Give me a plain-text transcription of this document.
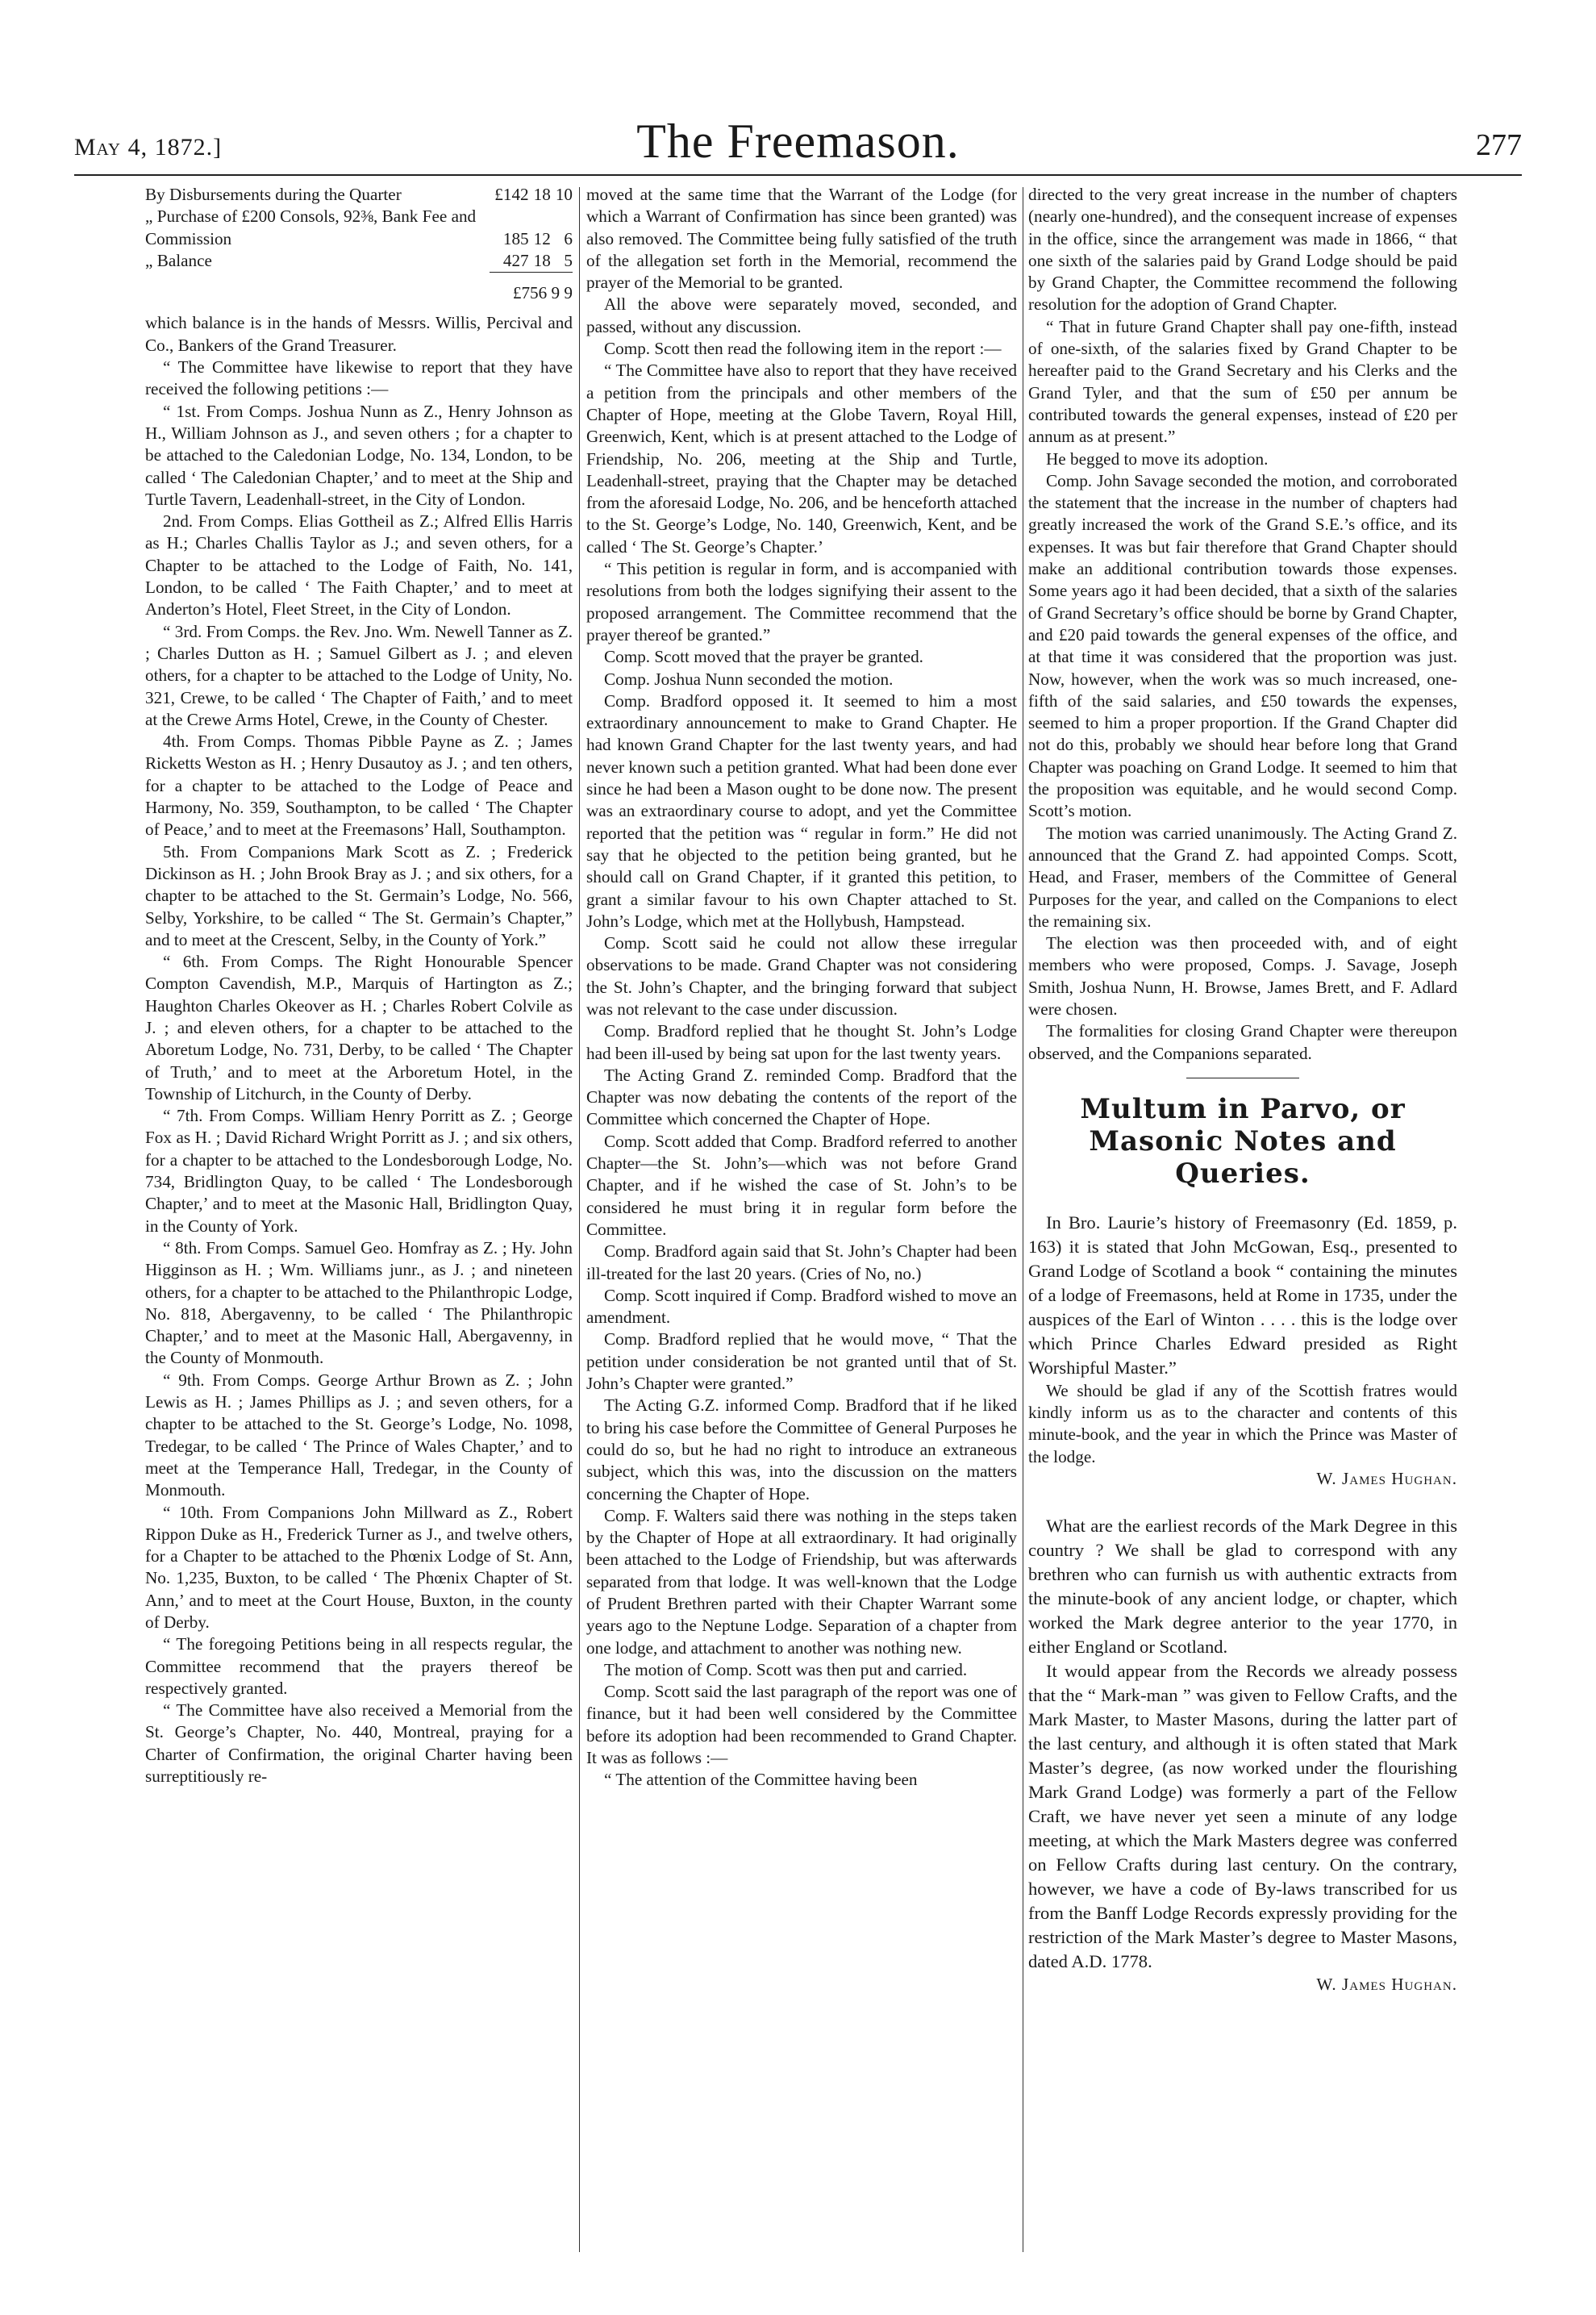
May 4, 1872.]	The Freemason.	277
By Disbursements during the Quarter	£142	18	10
„ Purchase of £200 Consols, 92⅜, Bank Fee and Commission	185	12	6
„ Balance	427	18	5
	£756 9 9		

which balance is in the hands of Messrs. Willis, Percival and Co., Bankers of the Grand Treasurer.

“ The Committee have likewise to report that they have received the following petitions :—

“ 1st. From Comps. Joshua Nunn as Z., Henry Johnson as H., William Johnson as J., and seven others ; for a chapter to be attached to the Caledonian Lodge, No. 134, London, to be called ‘ The Caledonian Chapter,’ and to meet at the Ship and Turtle Tavern, Leadenhall-street, in the City of London.

2nd. From Comps. Elias Gottheil as Z.; Alfred Ellis Harris as H.; Charles Challis Taylor as J.; and seven others, for a Chapter to be attached to the Lodge of Faith, No. 141, London, to be called ‘ The Faith Chapter,’ and to meet at Anderton’s Hotel, Fleet Street, in the City of London.

“ 3rd. From Comps. the Rev. Jno. Wm. Newell Tanner as Z. ; Charles Dutton as H. ; Samuel Gilbert as J. ; and eleven others, for a chapter to be attached to the Lodge of Unity, No. 321, Crewe, to be called ‘ The Chapter of Faith,’ and to meet at the Crewe Arms Hotel, Crewe, in the County of Chester.

4th. From Comps. Thomas Pibble Payne as Z. ; James Ricketts Weston as H. ; Henry Dusautoy as J. ; and ten others, for a chapter to be attached to the Lodge of Peace and Harmony, No. 359, Southampton, to be called ‘ The Chapter of Peace,’ and to meet at the Freemasons’ Hall, Southampton.

5th. From Companions Mark Scott as Z. ; Frederick Dickinson as H. ; John Brook Bray as J. ; and six others, for a chapter to be attached to the St. Germain’s Lodge, No. 566, Selby, Yorkshire, to be called “ The St. Germain’s Chapter,” and to meet at the Crescent, Selby, in the County of York.”

“ 6th. From Comps. The Right Honourable Spencer Compton Cavendish, M.P., Marquis of Hartington as Z.; Haughton Charles Okeover as H. ; Charles Robert Colvile as J. ; and eleven others, for a chapter to be attached to the Aboretum Lodge, No. 731, Derby, to be called ‘ The Chapter of Truth,’ and to meet at the Arboretum Hotel, in the Township of Litchurch, in the County of Derby.

“ 7th. From Comps. William Henry Porritt as Z. ; George Fox as H. ; David Richard Wright Porritt as J. ; and six others, for a chapter to be attached to the Londesborough Lodge, No. 734, Bridlington Quay, to be called ‘ The Londesborough Chapter,’ and to meet at the Masonic Hall, Bridlington Quay, in the County of York.

“ 8th. From Comps. Samuel Geo. Homfray as Z. ; Hy. John Higginson as H. ; Wm. Williams junr., as J. ; and nineteen others, for a chapter to be attached to the Philanthropic Lodge, No. 818, Abergavenny, to be called ‘ The Philanthropic Chapter,’ and to meet at the Masonic Hall, Abergavenny, in the County of Monmouth.

“ 9th. From Comps. George Arthur Brown as Z. ; John Lewis as H. ; James Phillips as J. ; and seven others, for a chapter to be attached to the St. George’s Lodge, No. 1098, Tredegar, to be called ‘ The Prince of Wales Chapter,’ and to meet at the Temperance Hall, Tredegar, in the County of Monmouth.

“ 10th. From Companions John Millward as Z., Robert Rippon Duke as H., Frederick Turner as J., and twelve others, for a Chapter to be attached to the Phœnix Lodge of St. Ann, No. 1,235, Buxton, to be called ‘ The Phœnix Chapter of St. Ann,’ and to meet at the Court House, Buxton, in the county of Derby.

“ The foregoing Petitions being in all respects regular, the Committee recommend that the prayers thereof be respectively granted.

“ The Committee have also received a Memorial from the St. George’s Chapter, No. 440, Montreal, praying for a Charter of Confirmation, the original Charter having been surreptitiously re-

moved at the same time that the Warrant of the Lodge (for which a Warrant of Confirmation has since been granted) was also removed. The Committee being fully satisfied of the truth of the allegation set forth in the Memorial, recommend the prayer of the Memorial to be granted.

All the above were separately moved, seconded, and passed, without any discussion.

Comp. Scott then read the following item in the report :—

“ The Committee have also to report that they have received a petition from the principals and other members of the Chapter of Hope, meeting at the Globe Tavern, Royal Hill, Greenwich, Kent, which is at present attached to the Lodge of Friendship, No. 206, meeting at the Ship and Turtle, Leadenhall-street, praying that the Chapter may be detached from the aforesaid Lodge, No. 206, and be henceforth attached to the St. George’s Lodge, No. 140, Greenwich, Kent, and be called ‘ The St. George’s Chapter.’

“ This petition is regular in form, and is accompanied with resolutions from both the lodges signifying their assent to the proposed arrangement. The Committee recommend that the prayer thereof be granted.”

Comp. Scott moved that the prayer be granted.

Comp. Joshua Nunn seconded the motion.

Comp. Bradford opposed it. It seemed to him a most extraordinary announcement to make to Grand Chapter. He had known Grand Chapter for the last twenty years, and had never known such a petition granted. What had been done ever since he had been a Mason ought to be done now. The present was an extraordinary course to adopt, and yet the Committee reported that the petition was “ regular in form.” He did not say that he objected to the petition being granted, but he should call on Grand Chapter, if it granted this petition, to grant a similar favour to his own Chapter attached to St. John’s Lodge, which met at the Hollybush, Hampstead.

Comp. Scott said he could not allow these irregular observations to be made. Grand Chapter was not considering the St. John’s Chapter, and the bringing forward that subject was not relevant to the case under discussion.

Comp. Bradford replied that he thought St. John’s Lodge had been ill-used by being sat upon for the last twenty years.

The Acting Grand Z. reminded Comp. Bradford that the Chapter was now debating the contents of the report of the Committee which concerned the Chapter of Hope.

Comp. Scott added that Comp. Bradford referred to another Chapter—the St. John’s—which was not before Grand Chapter, and if he wished the case of St. John’s to be considered he must bring it in regular form before the Committee.

Comp. Bradford again said that St. John’s Chapter had been ill-treated for the last 20 years. (Cries of No, no.)

Comp. Scott inquired if Comp. Bradford wished to move an amendment.

Comp. Bradford replied that he would move, “ That the petition under consideration be not granted until that of St. John’s Chapter were granted.”

The Acting G.Z. informed Comp. Bradford that if he liked to bring his case before the Committee of General Purposes he could do so, but he had no right to introduce an extraneous subject, which this was, into the discussion on the matters concerning the Chapter of Hope.

Comp. F. Walters said there was nothing in the steps taken by the Chapter of Hope at all extraordinary. It had originally been attached to the Lodge of Friendship, but was afterwards separated from that lodge. It was well-known that the Lodge of Prudent Brethren parted with their Chapter Warrant some years ago to the Neptune Lodge. Separation of a chapter from one lodge, and attachment to another was nothing new.

The motion of Comp. Scott was then put and carried.

Comp. Scott said the last paragraph of the report was one of finance, but it had been well considered by the Committee before its adoption had been recommended to Grand Chapter. It was as follows :—

“ The attention of the Committee having been

directed to the very great increase in the number of chapters (nearly one-hundred), and the consequent increase of expenses in the office, since the arrangement was made in 1866, “ that one sixth of the salaries paid by Grand Lodge should be paid by Grand Chapter, the Committee recommend the following resolution for the adoption of Grand Chapter.

“ That in future Grand Chapter shall pay one-fifth, instead of one-sixth, of the salaries fixed by Grand Chapter to be hereafter paid to the Grand Secretary and his Clerks and the Grand Tyler, and that the sum of £50 per annum be contributed towards the general expenses, instead of £20 per annum as at present.”

He begged to move its adoption.

Comp. John Savage seconded the motion, and corroborated the statement that the increase in the number of chapters had greatly increased the work of the Grand S.E.’s office, and its expenses. It was but fair therefore that Grand Chapter should make an additional contribution towards those expenses. Some years ago it had been decided, that a sixth of the salaries of Grand Secretary’s office should be borne by Grand Chapter, and £20 paid towards the general expenses of the office, and at that time it was considered that the proportion was just. Now, however, when the work was so much increased, one-fifth of the said salaries, and £50 towards the expenses, seemed to him a proper proportion. If the Grand Chapter did not do this, probably we should hear before long that Grand Chapter was poaching on Grand Lodge. It seemed to him that the proposition was equitable, and he would second Comp. Scott’s motion.

The motion was carried unanimously. The Acting Grand Z. announced that the Grand Z. had appointed Comps. Scott, Head, and Fraser, members of the Committee of General Purposes for the year, and called on the Companions to elect the remaining six.

The election was then proceeded with, and of eight members who were proposed, Comps. J. Savage, Joseph Smith, Joshua Nunn, H. Browse, James Brett, and F. Adlard were chosen.

The formalities for closing Grand Chapter were thereupon observed, and the Companions separated.

Multum in Parvo, or Masonic Notes and Queries.

In Bro. Laurie’s history of Freemasonry (Ed. 1859, p. 163) it is stated that John McGowan, Esq., presented to Grand Lodge of Scotland a book “ containing the minutes of a lodge of Freemasons, held at Rome in 1735, under the auspices of the Earl of Winton . . . . this is the lodge over which Prince Charles Edward presided as Right Worshipful Master.”

We should be glad if any of the Scottish fratres would kindly inform us as to the character and contents of this minute-book, and the year in which the Prince was Master of the lodge.

W. James Hughan.

What are the earliest records of the Mark Degree in this country ? We shall be glad to correspond with any brethren who can furnish us with authentic extracts from the minute-book of any ancient lodge, or chapter, which worked the Mark degree anterior to the year 1770, in either England or Scotland.

It would appear from the Records we already possess that the “ Mark-man ” was given to Fellow Crafts, and the Mark Master, to Master Masons, during the latter part of the last century, and although it is often stated that Mark Master’s degree, (as now worked under the flourishing Mark Grand Lodge) was formerly a part of the Fellow Craft, we have never yet seen a minute of any lodge meeting, at which the Mark Masters degree was conferred on Fellow Crafts during last century. On the contrary, however, we have a code of By-laws transcribed for us from the Banff Lodge Records expressly providing for the restriction of the Mark Master’s degree to Master Masons, dated A.D. 1778.

W. James Hughan.
